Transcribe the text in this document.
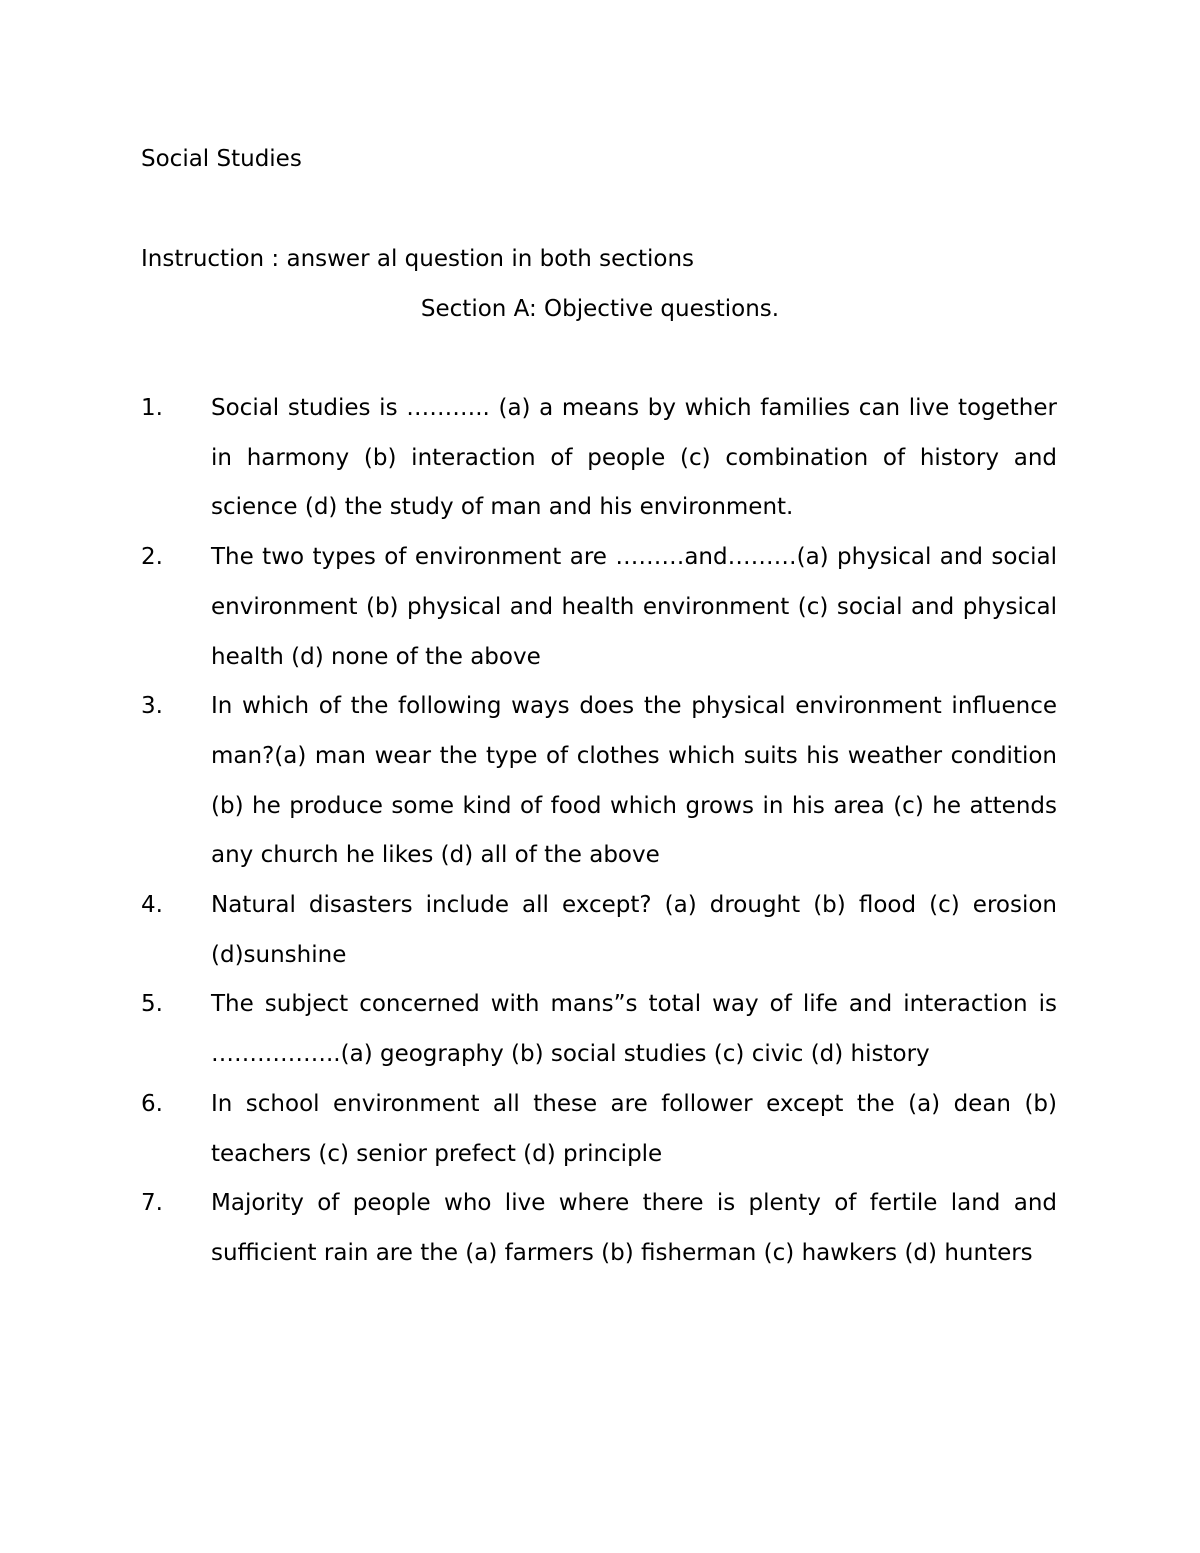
Social Studies
Instruction : answer al question in both sections
Section A: Objective questions.
1.	Social studies is ……….. (a) a means by which families can live together in harmony (b) interaction of people (c) combination of history and science (d) the study of man and his environment.
2.	The two types of environment are ………and………(a) physical and social environment (b) physical and health environment (c) social and physical health (d) none of the above
3.	In which of the following ways does the physical environment influence man?(a) man wear the type of clothes which suits his weather condition (b) he produce some kind of food which grows in his area (c) he attends any church he likes (d) all of the above
4.	Natural disasters include all except? (a) drought (b) flood (c) erosion (d)sunshine
5.	The subject concerned with mans”s total way of life and interaction is ……………..(a) geography (b) social studies (c) civic (d) history
6.	In school environment all these are follower except the (a) dean (b) teachers (c) senior prefect (d) principle
7.	Majority of people who live where there is plenty of fertile land and sufficient rain are the (a) farmers (b) fisherman (c) hawkers (d) hunters
